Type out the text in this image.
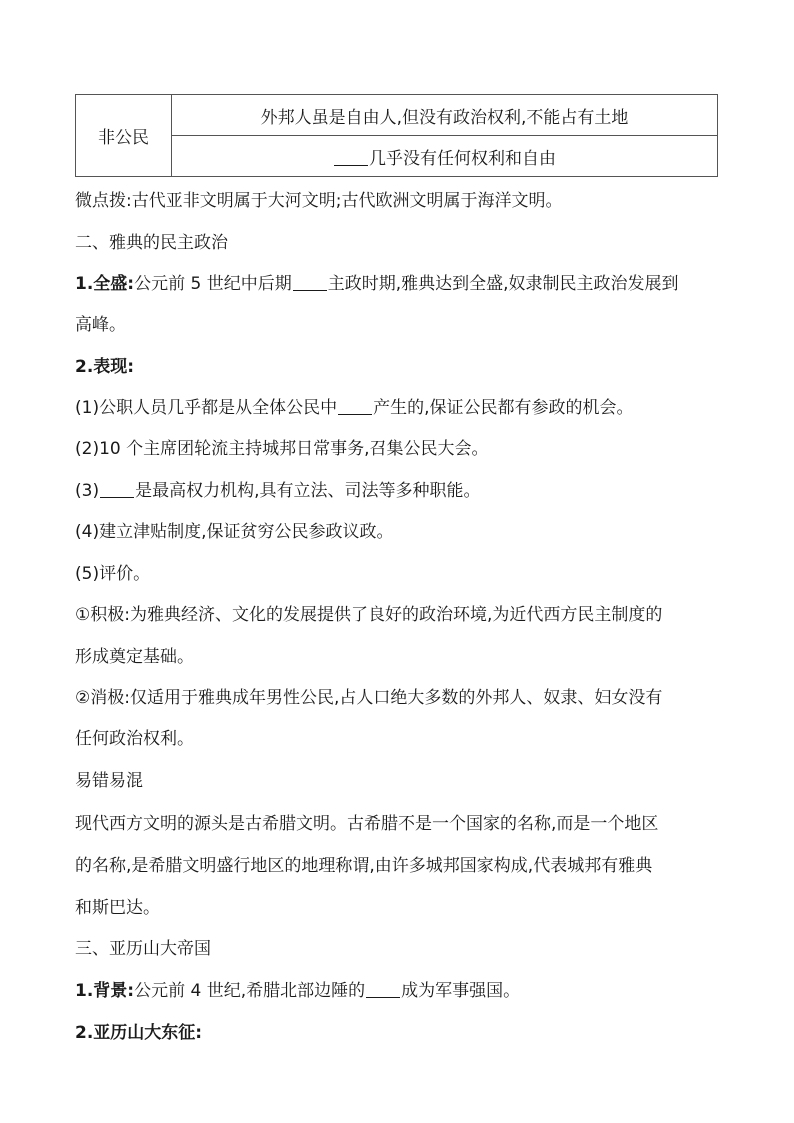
非公民	外邦人虽是自由人,但没有政治权利,不能占有土地
几乎没有任何权利和自由
微点拨:古代亚非文明属于大河文明;古代欧洲文明属于海洋文明。
二、雅典的民主政治
1.全盛:公元前 5 世纪中后期 主政时期,雅典达到全盛,奴隶制民主政治发展到
高峰。
2.表现:
(1)公职人员几乎都是从全体公民中 产生的,保证公民都有参政的机会。
(2)10 个主席团轮流主持城邦日常事务,召集公民大会。
(3) 是最高权力机构,具有立法、司法等多种职能。
(4)建立津贴制度,保证贫穷公民参政议政。
(5)评价。
①积极:为雅典经济、文化的发展提供了良好的政治环境,为近代西方民主制度的
形成奠定基础。
②消极:仅适用于雅典成年男性公民,占人口绝大多数的外邦人、奴隶、妇女没有
任何政治权利。
易错易混
现代西方文明的源头是古希腊文明。古希腊不是一个国家的名称,而是一个地区
的名称,是希腊文明盛行地区的地理称谓,由许多城邦国家构成,代表城邦有雅典
和斯巴达。
三、亚历山大帝国
1.背景:公元前 4 世纪,希腊北部边陲的 成为军事强国。
2.亚历山大东征:
